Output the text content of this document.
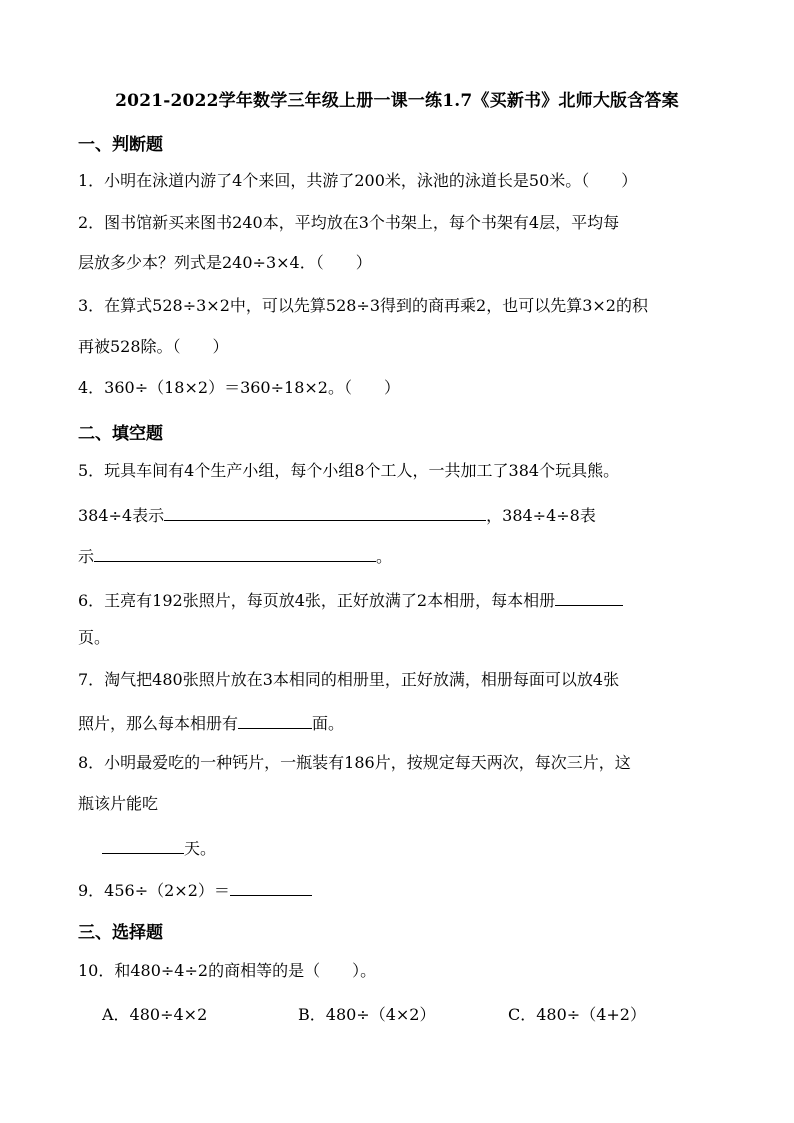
2021-2022学年数学三年级上册一课一练1.7《买新书》北师大版含答案
一、判断题
1．小明在泳道内游了4个来回，共游了200米，泳池的泳道长是50米。（　　）
2．图书馆新买来图书240本，平均放在3个书架上，每个书架有4层，平均每
层放多少本？列式是240÷3×4．（　　）
3．在算式528÷3×2中，可以先算528÷3得到的商再乘2，也可以先算3×2的积
再被528除。（　　）
4．360÷（18×2）＝360÷18×2。（　　）
二、填空题
5．玩具车间有4个生产小组，每个小组8个工人，一共加工了384个玩具熊。
384÷4表示	，384÷4÷8表
示	。
6．王亮有192张照片，每页放4张，正好放满了2本相册，每本相册
页。
7．淘气把480张照片放在3本相同的相册里，正好放满，相册每面可以放4张
照片，那么每本相册有	面。
8．小明最爱吃的一种钙片，一瓶装有186片，按规定每天两次，每次三片，这
瓶该片能吃
天。
9．456÷（2×2）＝
三、选择题
10．和480÷4÷2的商相等的是（　　）。
A．480÷4×2	B．480÷（4×2）	C．480÷（4+2）
